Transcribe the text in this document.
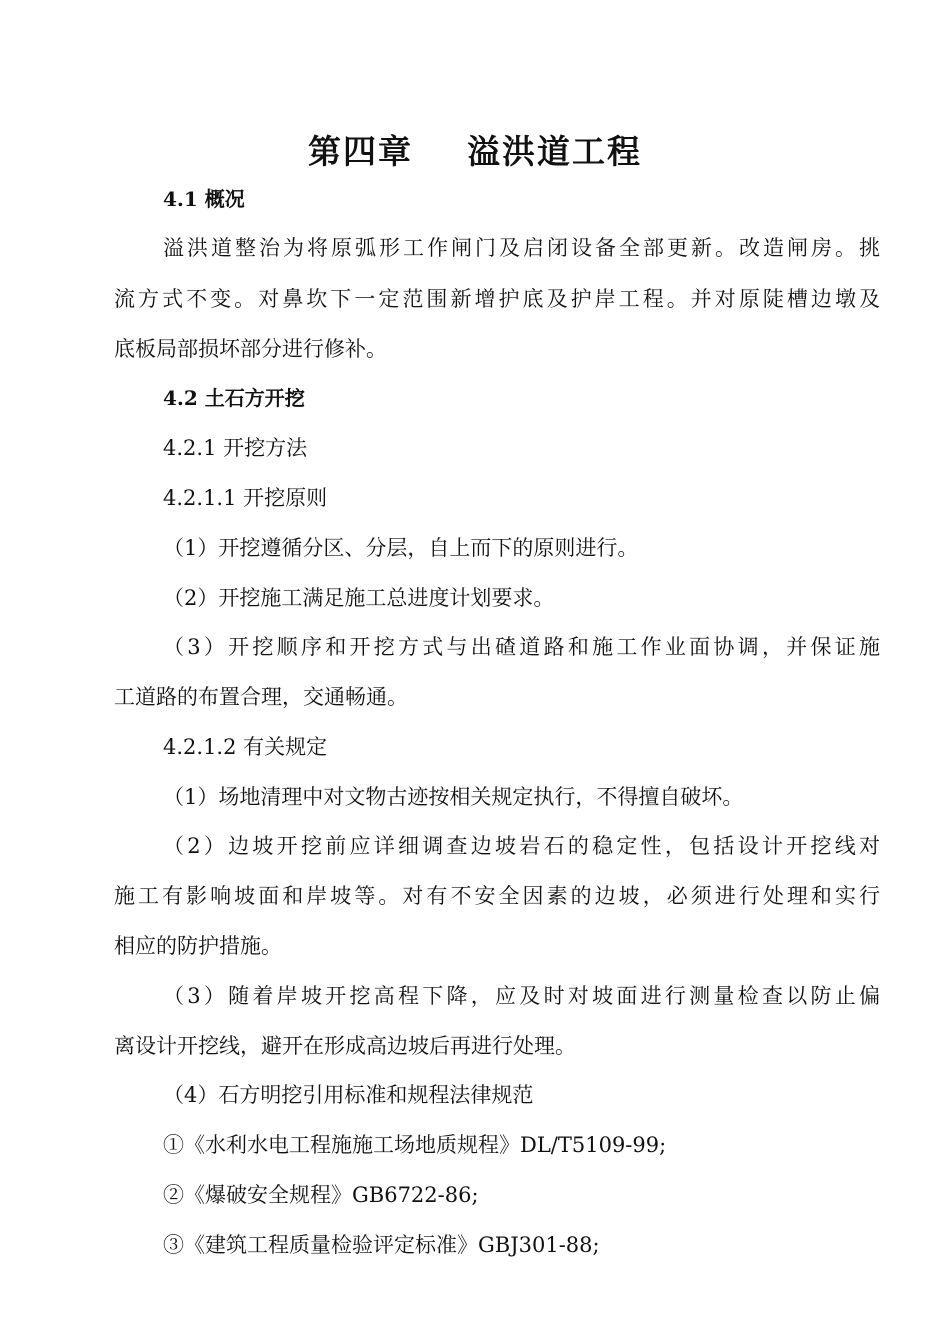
第四章    溢洪道工程
4.1 概况
溢洪道整治为将原弧形工作闸门及启闭设备全部更新。改造闸房。挑
流方式不变。对鼻坎下一定范围新增护底及护岸工程。并对原陡槽边墩及
底板局部损坏部分进行修补。
4.2 土石方开挖
4.2.1 开挖方法
4.2.1.1 开挖原则
（1）开挖遵循分区、分层，自上而下的原则进行。
（2）开挖施工满足施工总进度计划要求。
（3）开挖顺序和开挖方式与出碴道路和施工作业面协调，并保证施
工道路的布置合理，交通畅通。
4.2.1.2 有关规定
（1）场地清理中对文物古迹按相关规定执行，不得擅自破坏。
（2）边坡开挖前应详细调查边坡岩石的稳定性，包括设计开挖线对
施工有影响坡面和岸坡等。对有不安全因素的边坡，必须进行处理和实行
相应的防护措施。
（3）随着岸坡开挖高程下降，应及时对坡面进行测量检查以防止偏
离设计开挖线，避开在形成高边坡后再进行处理。
（4）石方明挖引用标准和规程法律规范
①《水利水电工程施施工场地质规程》DL/T5109-99;
②《爆破安全规程》GB6722-86;
③《建筑工程质量检验评定标准》GBJ301-88;
